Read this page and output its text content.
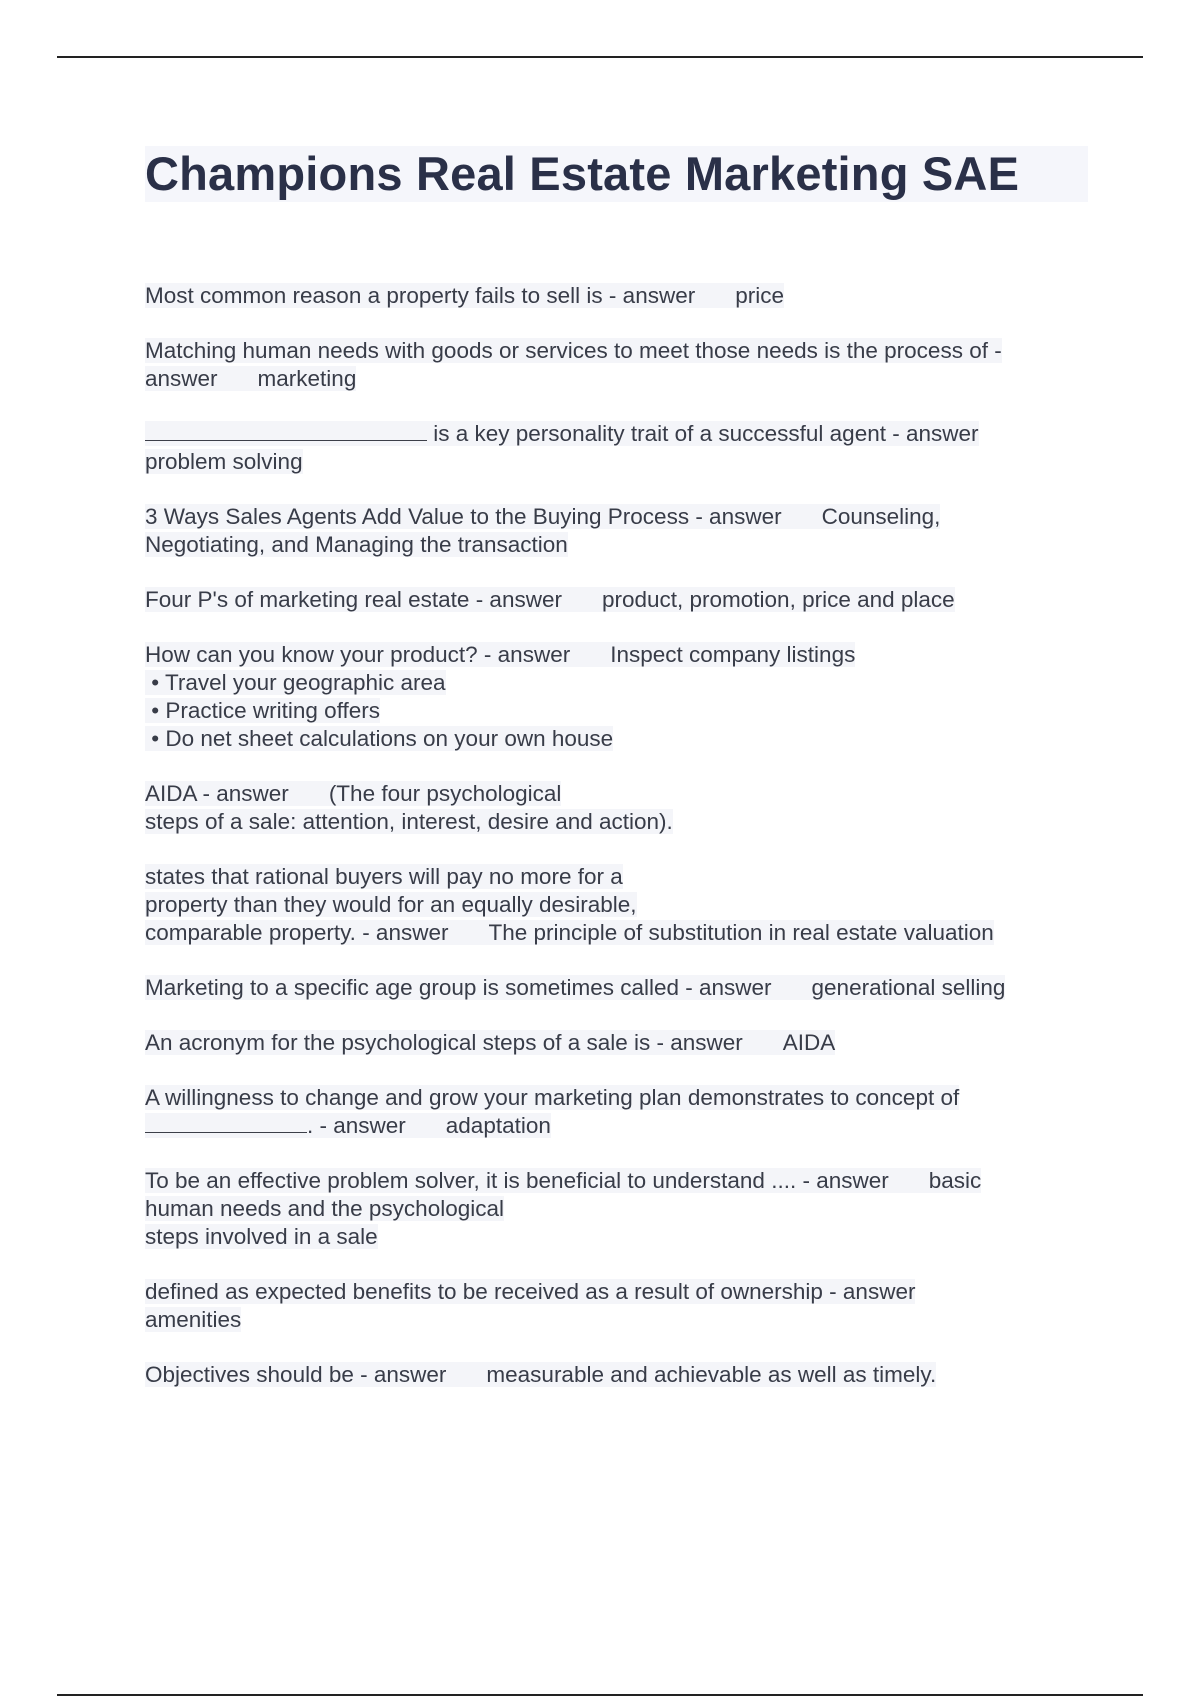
Champions Real Estate Marketing SAE
Most common reason a property fails to sell is - answer price
Matching human needs with goods or services to meet those needs is the process of -
answer marketing
is a key personality trait of a successful agent - answer
problem solving
3 Ways Sales Agents Add Value to the Buying Process - answer Counseling,
Negotiating, and Managing the transaction
Four P's of marketing real estate - answer product, promotion, price and place
How can you know your product? - answer Inspect company listings
• Travel your geographic area
• Practice writing offers
• Do net sheet calculations on your own house
AIDA - answer (The four psychological
steps of a sale: attention, interest, desire and action).
states that rational buyers will pay no more for a
property than they would for an equally desirable,
comparable property. - answer The principle of substitution in real estate valuation
Marketing to a specific age group is sometimes called - answer generational selling
An acronym for the psychological steps of a sale is - answer AIDA
A willingness to change and grow your marketing plan demonstrates to concept of
. - answer adaptation
To be an effective problem solver, it is beneficial to understand .... - answer basic
human needs and the psychological
steps involved in a sale
defined as expected benefits to be received as a result of ownership - answer
amenities
Objectives should be - answer measurable and achievable as well as timely.
